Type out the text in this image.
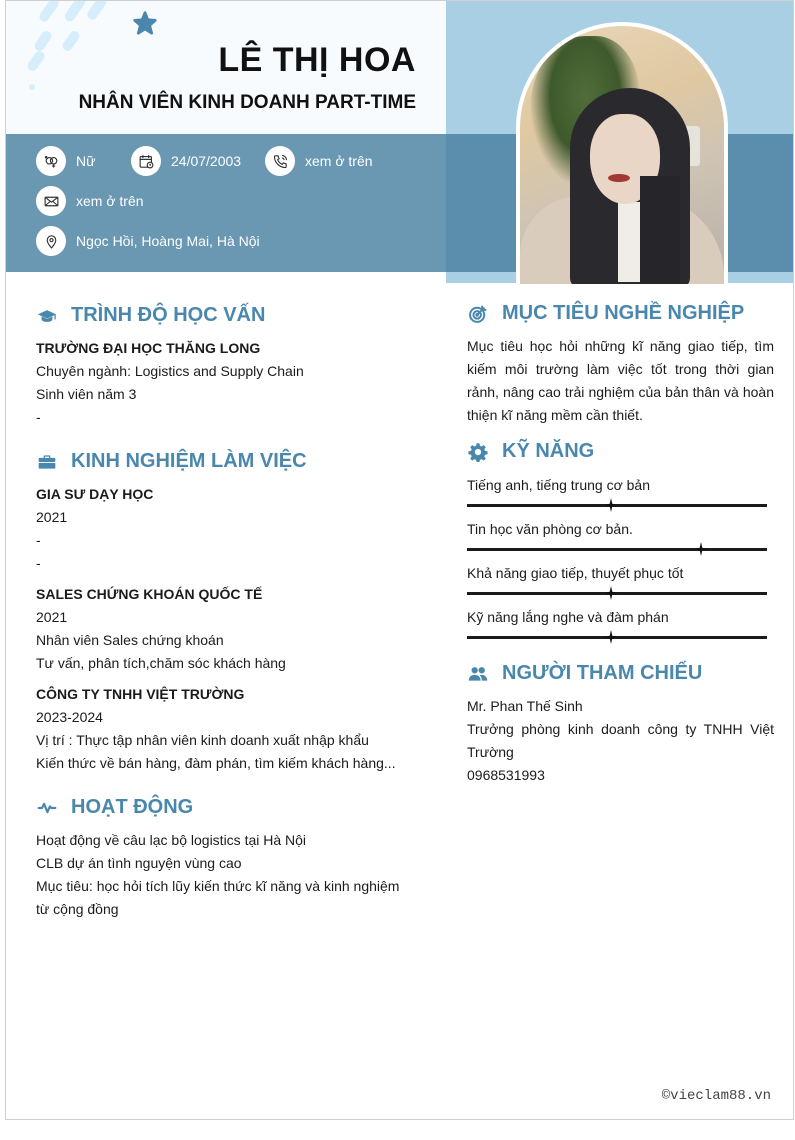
LÊ THỊ HOA
NHÂN VIÊN KINH DOANH PART-TIME
Nữ	24/07/2003	xem ở trên
xem ở trên
Ngọc Hồi, Hoàng Mai, Hà Nội
TRÌNH ĐỘ HỌC VẤN
TRƯỜNG ĐẠI HỌC THĂNG LONG
Chuyên ngành: Logistics and Supply Chain
Sinh viên năm 3
-
KINH NGHIỆM LÀM VIỆC
GIA SƯ DẠY HỌC
2021
-
-
SALES CHỨNG KHOÁN QUỐC TẾ
2021
Nhân viên Sales chứng khoán
Tư vấn, phân tích,chăm sóc khách hàng
CÔNG TY TNHH VIỆT TRƯỜNG
2023-2024
Vị trí : Thực tập nhân viên kinh doanh xuất nhập khẩu
Kiến thức về bán hàng, đàm phán, tìm kiếm khách hàng...
HOẠT ĐỘNG
Hoạt động về câu lạc bộ logistics tại Hà Nội
CLB dự án tình nguyện vùng cao
Mục tiêu: học hỏi tích lũy kiến thức kĩ năng và kinh nghiệm từ cộng đồng
MỤC TIÊU NGHỀ NGHIỆP
Mục tiêu học hỏi những kĩ năng giao tiếp, tìm kiếm môi trường làm việc tốt trong thời gian rảnh, nâng cao trải nghiệm của bản thân và hoàn thiện kĩ năng mềm cần thiết.
KỸ NĂNG
Tiếng anh, tiếng trung cơ bản
Tin học văn phòng cơ bản.
Khả năng giao tiếp, thuyết phục tốt
Kỹ năng lắng nghe và đàm phán
NGƯỜI THAM CHIẾU
Mr. Phan Thế Sinh
Trưởng phòng kinh doanh công ty TNHH Việt Trường
0968531993
©vieclam88.vn
